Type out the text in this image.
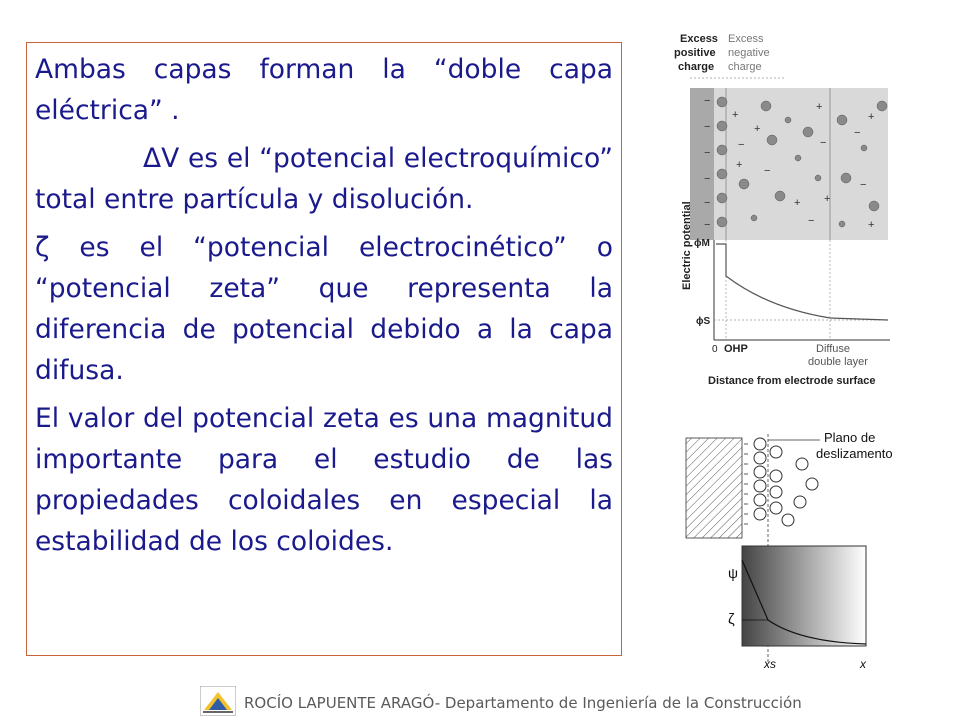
Ambas capas forman la “doble capa eléctrica” .

ΔV es el “potencial electroquímico” total entre partícula y disolución.

ζ es el “potencial electrocinético” o “potencial zeta” que representa la diferencia de potencial debido a la capa difusa.

El valor del potencial zeta es una magnitud importante para el estudio de las propiedades coloidales en especial la estabilidad de los coloides.

Excess
positive
charge
Excess
negative
charge
−
−
−
−
−
−
+
−
+
+ −
+
+
−
+
−
−
+
+
−
Electric potential ϕM
ϕS
0 OHP	Diffuse
double layer
Distance from electrode surface
Plano de
deslizamento
ψ
ζ
xs	x
ROCÍO LAPUENTE ARAGÓ- Departamento de Ingeniería de la Construcción
